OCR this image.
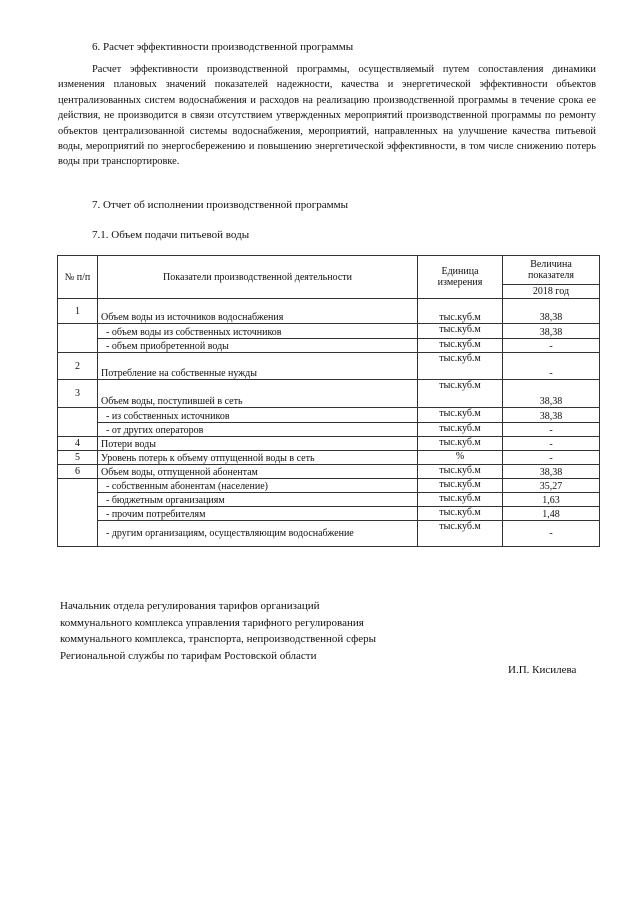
6. Расчет эффективности производственной программы
Расчет эффективности производственной программы, осуществляемый путем сопоставления динамики изменения плановых значений показателей надежности, качества и энергетической эффективности объектов централизованных систем водоснабжения и расходов на реализацию производственной программы в течение срока ее действия, не производится в связи отсутствием утвержденных мероприятий производственной программы по ремонту объектов централизованной системы водоснабжения, мероприятий, направленных на улучшение качества питьевой воды, мероприятий по энергосбережению и повышению энергетической эффективности, в том числе снижению потерь воды при транспортировке.
7. Отчет об исполнении производственной программы
7.1. Объем подачи питьевой воды
№ п/п	Показатели производственной деятельности	Единица измерения	Величина показателя
			2018 год
1	Объем воды из источников водоснабжения	тыс.куб.м	38,38
	- объем воды из собственных источников	тыс.куб.м	38,38
	- объем приобретенной воды	тыс.куб.м	-
2	Потребление на собственные нужды	тыс.куб.м	-
3	Объем воды, поступившей в сеть	тыс.куб.м	38,38
	- из собственных источников	тыс.куб.м	38,38
	- от других операторов	тыс.куб.м	-
4	Потери воды	тыс.куб.м	-
5	Уровень потерь к объему отпущенной воды в сеть	%	-
6	Объем воды, отпущенной абонентам	тыс.куб.м	38,38
	- собственным абонентам (население)	тыс.куб.м	35,27
	- бюджетным организациям	тыс.куб.м	1,63
	- прочим потребителям	тыс.куб.м	1,48
	- другим организациям, осуществляющим водоснабжение	тыс.куб.м	-
Начальник отдела регулирования тарифов организаций коммунального комплекса управления тарифного регулирования коммунального комплекса, транспорта, непроизводственной сферы Региональной службы по тарифам Ростовской области
И.П. Кисилева
